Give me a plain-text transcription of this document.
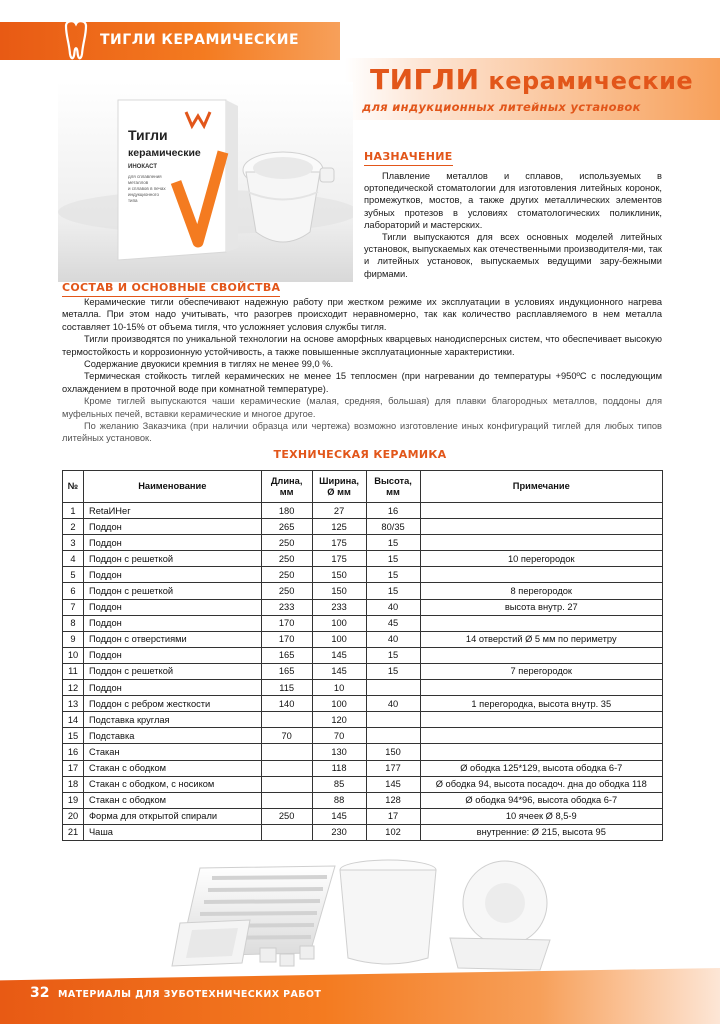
ТИГЛИ КЕРАМИЧЕСКИЕ
ТИГЛИ керамические
для индукционных литейных установок
Тигли
керамические
ИНОКАСТ
для сплавления
металлов
и сплавов в печах
индукционного
типа
НАЗНАЧЕНИЕ

Плавление металлов и сплавов, используемых в ортопедической стоматологии для изготовления литейных коронок, промежутков, мостов, а также других металлических элементов зубных протезов в условиях стоматологических поликлиник, лабораторий и мастерских.

Тигли выпускаются для всех основных моделей литейных установок, выпускаемых как отечественными производителя-ми, так и литейных установок, выпускаемых ведущими зару-бежными фирмами.

СОСТАВ И ОСНОВНЫЕ СВОЙСТВА

Керамические тигли обеспечивают надежную работу при жестком режиме их эксплуатации в условиях индукционного нагрева металла. При этом надо учитывать, что разогрев происходит неравномерно, так как количество расплавляемого в нем металла составляет 10-15% от объема тигля, что усложняет условия службы тигля.

Тигли производятся по уникальной технологии на основе аморфных кварцевых нанодисперсных систем, что обеспечивает высокую термостойкость и коррозионную устойчивость, а также повышенные эксплуатационные характеристики.

Содержание двуокиси кремния в тиглях не менее 99,0 %.

Термическая стойкость тиглей керамических не менее 15 теплосмен (при нагревании до температуры +950ºС с последующим охлаждением в проточной воде при комнатной температуре).

Кроме тиглей выпускаются чаши керамические (малая, средняя, большая) для плавки благородных металлов, поддоны для муфельных печей, вставки керамические и многое другое.

По желанию Заказчика (при наличии образца или чертежа) возможно изготовление иных конфигураций тиглей для любых типов литейных установок.

ТЕХНИЧЕСКАЯ КЕРАМИКА
№	Наименование	Длина, мм	Ширина, Ø мм	Высота, мм	Примечание
1	RetaИНег	180	27	16	
2	Поддон	265	125	80/35	
3	Поддон	250	175	15	
4	Поддон с решеткой	250	175	15	10 перегородок
5	Поддон	250	150	15	
6	Поддон с решеткой	250	150	15	8 перегородок
7	Поддон	233	233	40	высота внутр. 27
8	Поддон	170	100	45	
9	Поддон с отверстиями	170	100	40	14 отверстий Ø 5 мм по периметру
10	Поддон	165	145	15	
11	Поддон с решеткой	165	145	15	7 перегородок
12	Поддон	115	10		
13	Поддон с ребром жесткости	140	100	40	1 перегородка, высота внутр. 35
14	Подставка круглая		120		
15	Подставка	70	70		
16	Стакан		130	150	
17	Стакан с ободком		118	177	Ø ободка 125*129, высота ободка 6-7
18	Стакан с ободком, с носиком		85	145	Ø ободка 94, высота посадоч. дна до ободка 118
19	Стакан с ободком		88	128	Ø ободка 94*96, высота ободка 6-7
20	Форма для открытой спирали	250	145	17	10 ячеек Ø 8,5-9
21	Чаша		230	102	внутренние: Ø 215, высота 95
32 МАТЕРИАЛЫ ДЛЯ ЗУБОТЕХНИЧЕСКИХ РАБОТ
